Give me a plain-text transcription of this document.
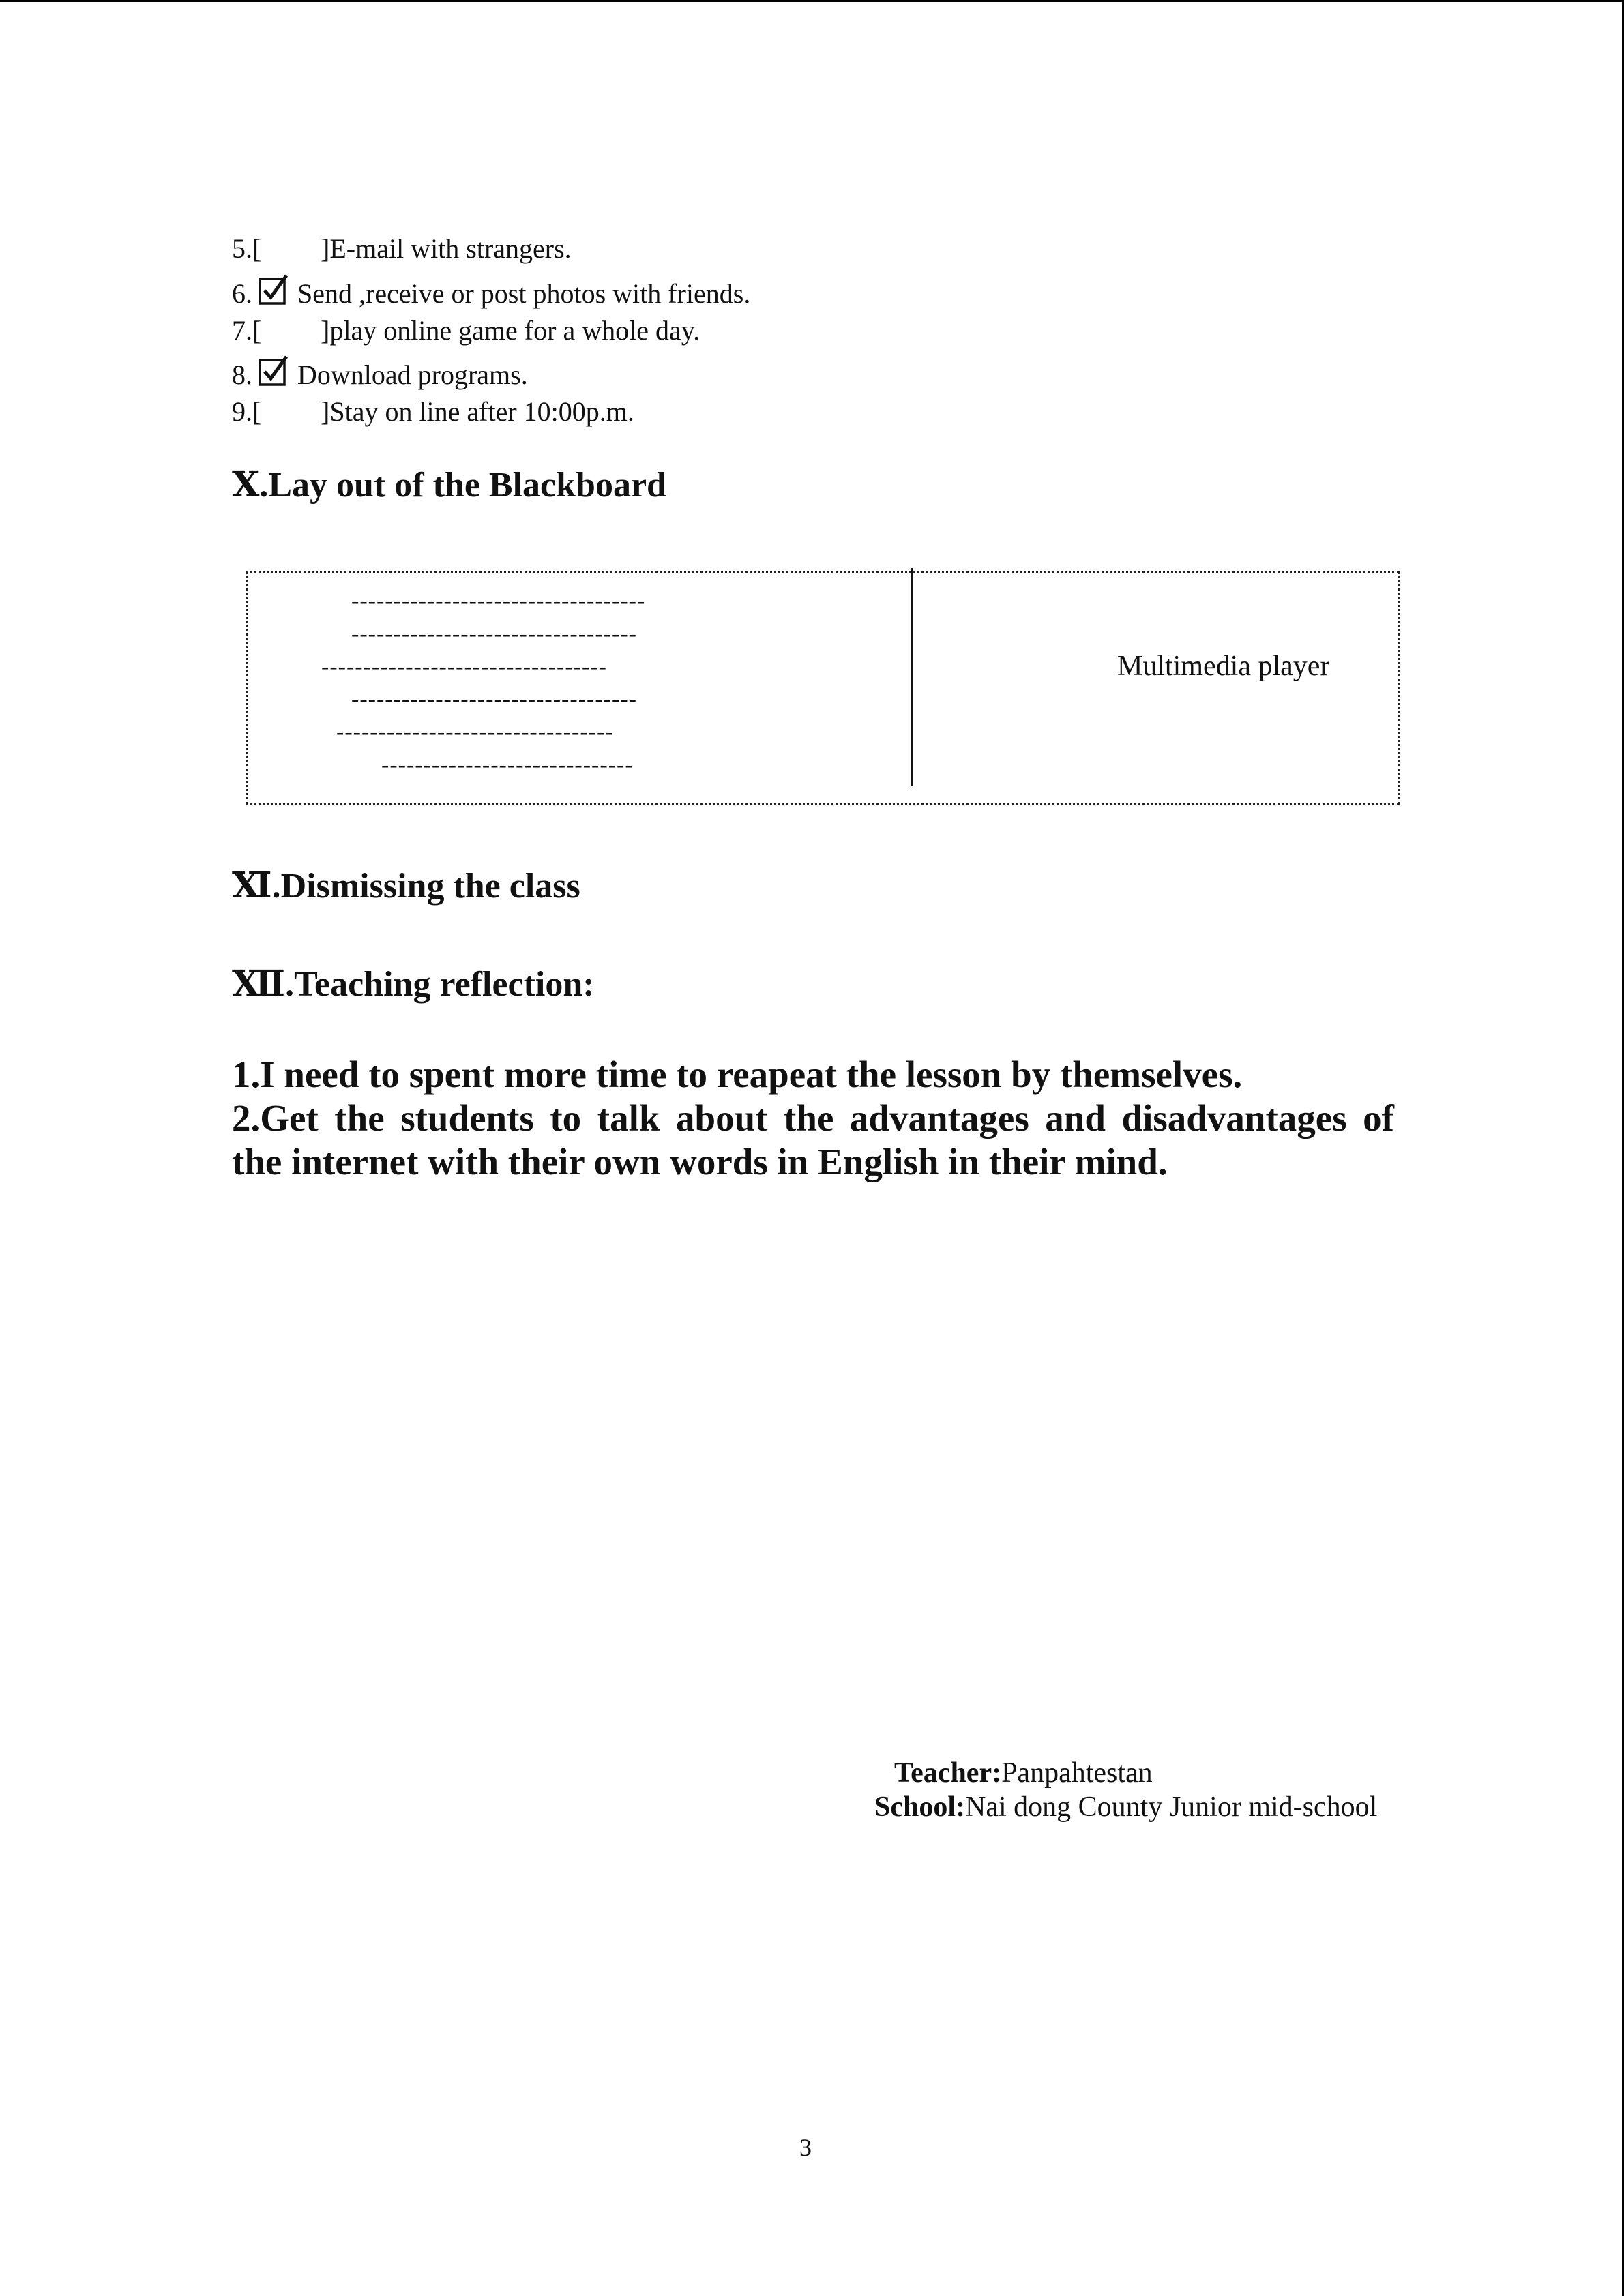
5.[ ]E-mail with strangers.
6. Send ,receive or post photos with friends.
7.[ ]play online game for a whole day.
8. Download programs.
9.[ ]Stay on line after 10:00p.m.
Ⅹ.Lay out of the Blackboard
-----------------------------------
----------------------------------
----------------------------------
----------------------------------
---------------------------------
------------------------------
Multimedia player
Ⅺ.Dismissing the class
Ⅻ.Teaching reflection:
1.I need to spent more time to reapeat the lesson by themselves.
2.Get the students to talk about the advantages and disadvantages of
the internet with their own words in English in their mind.
Teacher:Panpahtestan
School:Nai dong County Junior mid-school
3
